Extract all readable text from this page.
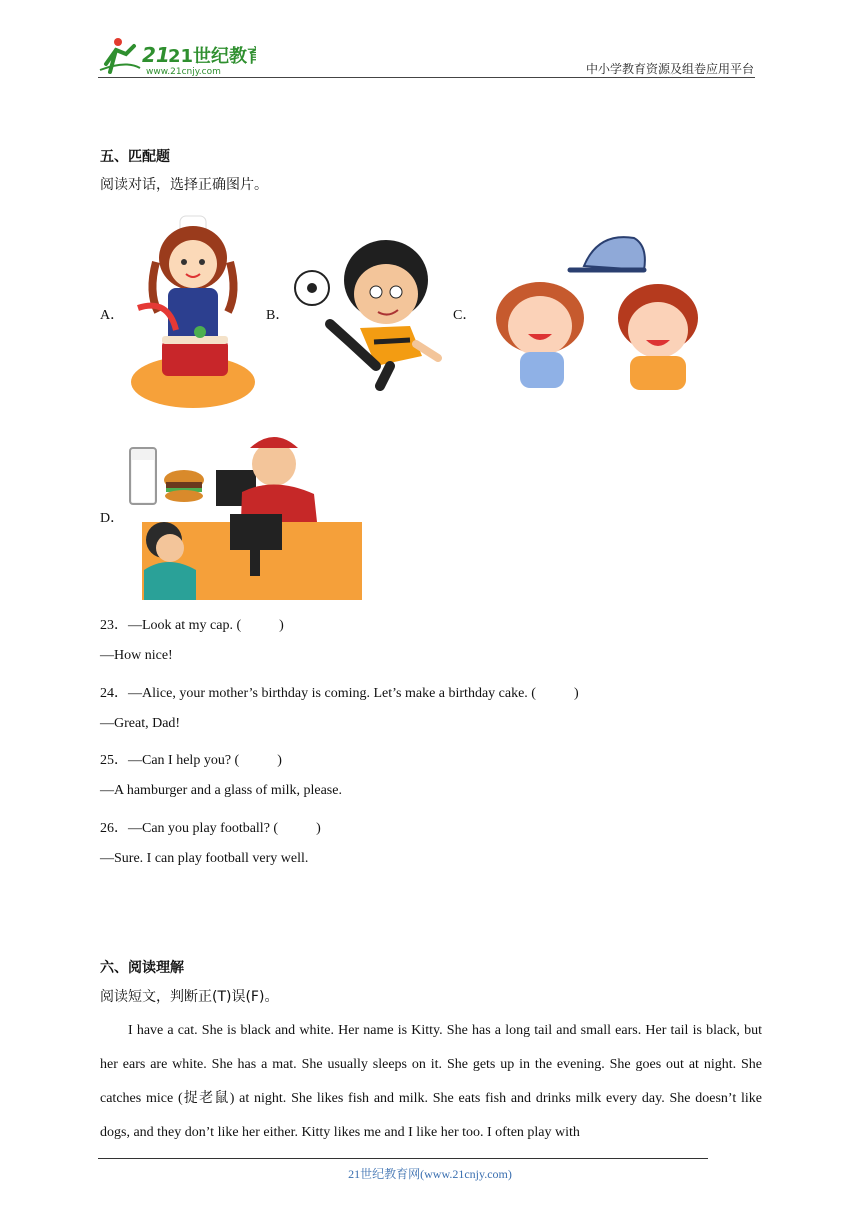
21
21世纪教育
www.21cnjy.com	中小学教育资源及组卷应用平台
五、匹配题
阅读对话，选择正确图片。
A．	B．	C．
D．
23．—Look at my cap. (	)
—How nice!
24．—Alice, your mother’s birthday is coming. Let’s make a birthday cake. (	)
—Great, Dad!
25．—Can I help you? (	)
—A hamburger and a glass of milk, please.
26．—Can you play football? (	)
—Sure. I can play football very well.
六、阅读理解
阅读短文，判断正(T)误(F)。
I have a cat. She is black and white. Her name is Kitty. She has a long tail and small ears. Her tail is black, but her ears are white. She has a mat. She usually sleeps on it. She gets up in the evening. She goes out at night. She catches mice (捉老鼠) at night. She likes fish and milk. She eats fish and drinks milk every day. She doesn’t like dogs, and they don’t like her either. Kitty likes me and I like her too. I often play with
21世纪教育网(www.21cnjy.com)
